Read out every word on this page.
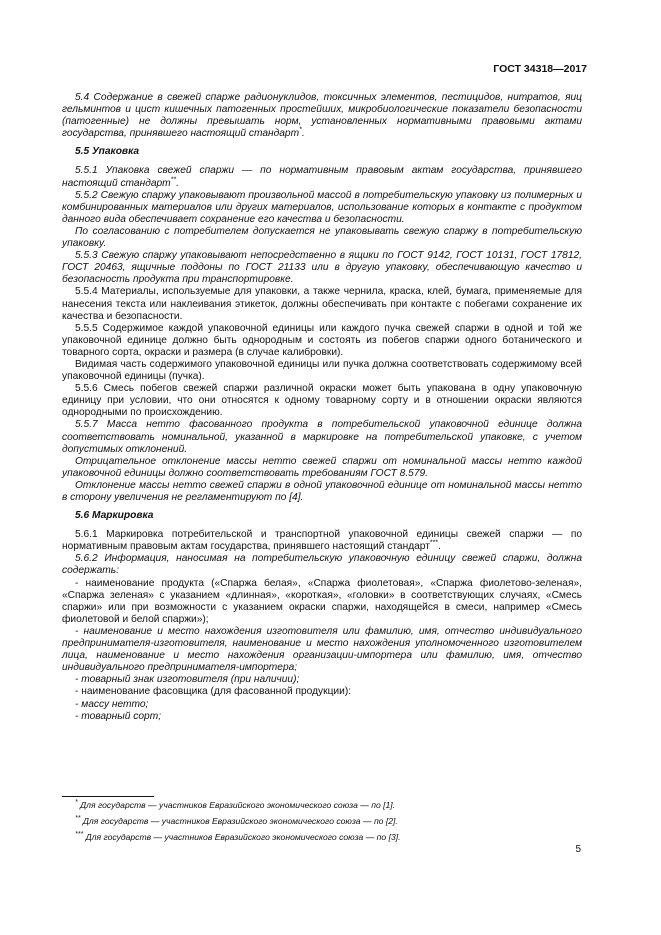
ГОСТ 34318—2017

5.4 Содержание в свежей спарже радионуклидов, токсичных элементов, пестицидов, нитратов, яиц гельминтов и цист кишечных патогенных простейших, микробиологические показатели безопасности (патогенные) не должны превышать норм, установленных нормативными правовыми актами государства, принявшего настоящий стандарт*.

5.5 Упаковка

5.5.1 Упаковка свежей спаржи — по нормативным правовым актам государства, принявшего настоящий стандарт**.

5.5.2 Свежую спаржу упаковывают произвольной массой в потребительскую упаковку из полимерных и комбинированных материалов или других материалов, использование которых в контакте с продуктом данного вида обеспечивает сохранение его качества и безопасности.

По согласованию с потребителем допускается не упаковывать свежую спаржу в потребительскую упаковку.

5.5.3 Свежую спаржу упаковывают непосредственно в ящики по ГОСТ 9142, ГОСТ 10131, ГОСТ 17812, ГОСТ 20463, ящичные поддоны по ГОСТ 21133 или в другую упаковку, обеспечивающую качество и безопасность продукта при транспортировке.

5.5.4 Материалы, используемые для упаковки, а также чернила, краска, клей, бумага, применяемые для нанесения текста или наклеивания этикеток, должны обеспечивать при контакте с побегами сохранение их качества и безопасности.

5.5.5 Содержимое каждой упаковочной единицы или каждого пучка свежей спаржи в одной и той же упаковочной единице должно быть однородным и состоять из побегов спаржи одного ботанического и товарного сорта, окраски и размера (в случае калибровки).

Видимая часть содержимого упаковочной единицы или пучка должна соответствовать содержимому всей упаковочной единицы (пучка).

5.5.6 Смесь побегов свежей спаржи различной окраски может быть упакована в одну упаковочную единицу при условии, что они относятся к одному товарному сорту и в отношении окраски являются однородными по происхождению.

5.5.7 Масса нетто фасованного продукта в потребительской упаковочной единице должна соответствовать номинальной, указанной в маркировке на потребительской упаковке, с учетом допустимых отклонений.

Отрицательное отклонение массы нетто свежей спаржи от номинальной массы нетто каждой упаковочной единицы должно соответствовать требованиям ГОСТ 8.579.

Отклонение массы нетто свежей спаржи в одной упаковочной единице от номинальной массы нетто в сторону увеличения не регламентируют по [4].

5.6 Маркировка

5.6.1 Маркировка потребительской и транспортной упаковочной единицы свежей спаржи — по нормативным правовым актам государства, принявшего настоящий стандарт***.

5.6.2 Информация, наносимая на потребительскую упаковочную единицу свежей спаржи, должна содержать:

- наименование продукта («Спаржа белая», «Спаржа фиолетовая», «Спаржа фиолетово-зеленая», «Спаржа зеленая» с указанием «длинная», «короткая», «головки» в соответствующих случаях, «Смесь спаржи» или при возможности с указанием окраски спаржи, находящейся в смеси, например «Смесь фиолетовой и белой спаржи»);

- наименование и место нахождения изготовителя или фамилию, имя, отчество индивидуального предпринимателя-изготовителя, наименование и место нахождения уполномоченного изготовителем лица, наименование и место нахождения организации-импортера или фамилию, имя, отчество индивидуального предпринимателя-импортера;

- товарный знак изготовителя (при наличии);

- наименование фасовщика (для фасованной продукции):

- массу нетто;

- товарный сорт;

* Для государств — участников Евразийского экономического союза — по [1].
** Для государств — участников Евразийского экономического союза — по [2].
*** Для государств — участников Евразийского экономического союза — по [3].
5
